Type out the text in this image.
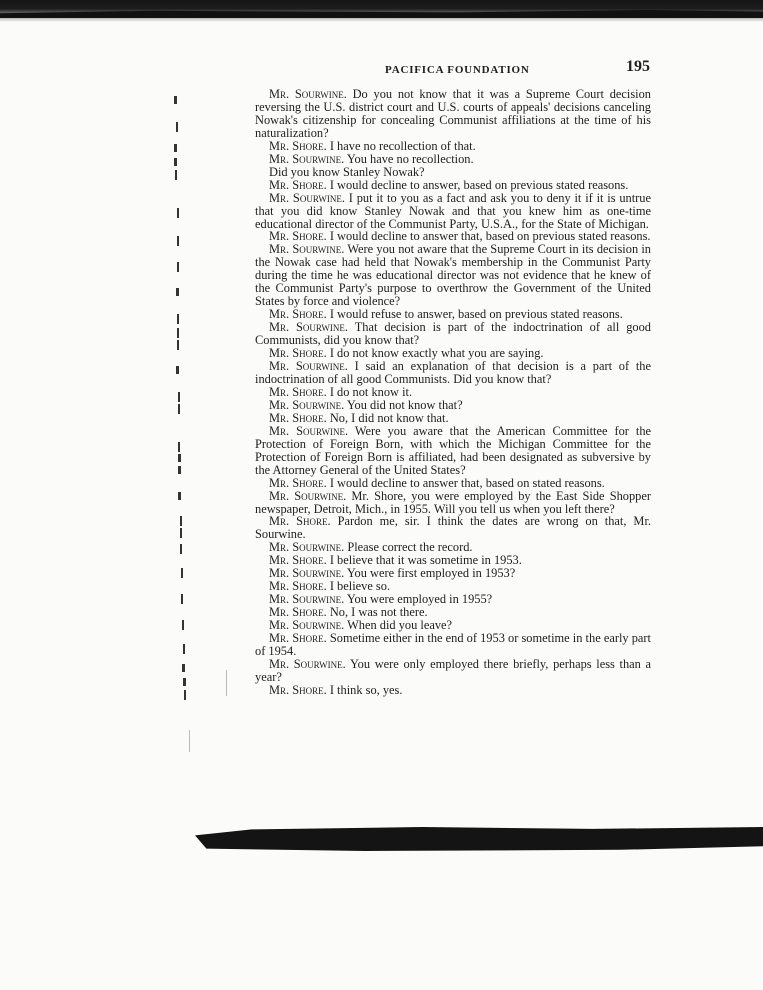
PACIFICA FOUNDATION	195

Mr. Sourwine. Do you not know that it was a Supreme Court decision reversing the U.S. district court and U.S. courts of appeals' decisions canceling Nowak's citizenship for concealing Communist affiliations at the time of his naturalization?

Mr. Shore. I have no recollection of that.

Mr. Sourwine. You have no recollection.

Did you know Stanley Nowak?

Mr. Shore. I would decline to answer, based on previous stated reasons.

Mr. Sourwine. I put it to you as a fact and ask you to deny it if it is untrue that you did know Stanley Nowak and that you knew him as one-time educational director of the Communist Party, U.S.A., for the State of Michigan.

Mr. Shore. I would decline to answer that, based on previous stated reasons.

Mr. Sourwine. Were you not aware that the Supreme Court in its decision in the Nowak case had held that Nowak's membership in the Communist Party during the time he was educational director was not evidence that he knew of the Communist Party's purpose to overthrow the Government of the United States by force and violence?

Mr. Shore. I would refuse to answer, based on previous stated reasons.

Mr. Sourwine. That decision is part of the indoctrination of all good Communists, did you know that?

Mr. Shore. I do not know exactly what you are saying.

Mr. Sourwine. I said an explanation of that decision is a part of the indoctrination of all good Communists. Did you know that?

Mr. Shore. I do not know it.

Mr. Sourwine. You did not know that?

Mr. Shore. No, I did not know that.

Mr. Sourwine. Were you aware that the American Committee for the Protection of Foreign Born, with which the Michigan Committee for the Protection of Foreign Born is affiliated, had been designated as subversive by the Attorney General of the United States?

Mr. Shore. I would decline to answer that, based on stated reasons.

Mr. Sourwine. Mr. Shore, you were employed by the East Side Shopper newspaper, Detroit, Mich., in 1955. Will you tell us when you left there?

Mr. Shore. Pardon me, sir. I think the dates are wrong on that, Mr. Sourwine.

Mr. Sourwine. Please correct the record.

Mr. Shore. I believe that it was sometime in 1953.

Mr. Sourwine. You were first employed in 1953?

Mr. Shore. I believe so.

Mr. Sourwine. You were employed in 1955?

Mr. Shore. No, I was not there.

Mr. Sourwine. When did you leave?

Mr. Shore. Sometime either in the end of 1953 or sometime in the early part of 1954.

Mr. Sourwine. You were only employed there briefly, perhaps less than a year?

Mr. Shore. I think so, yes.
